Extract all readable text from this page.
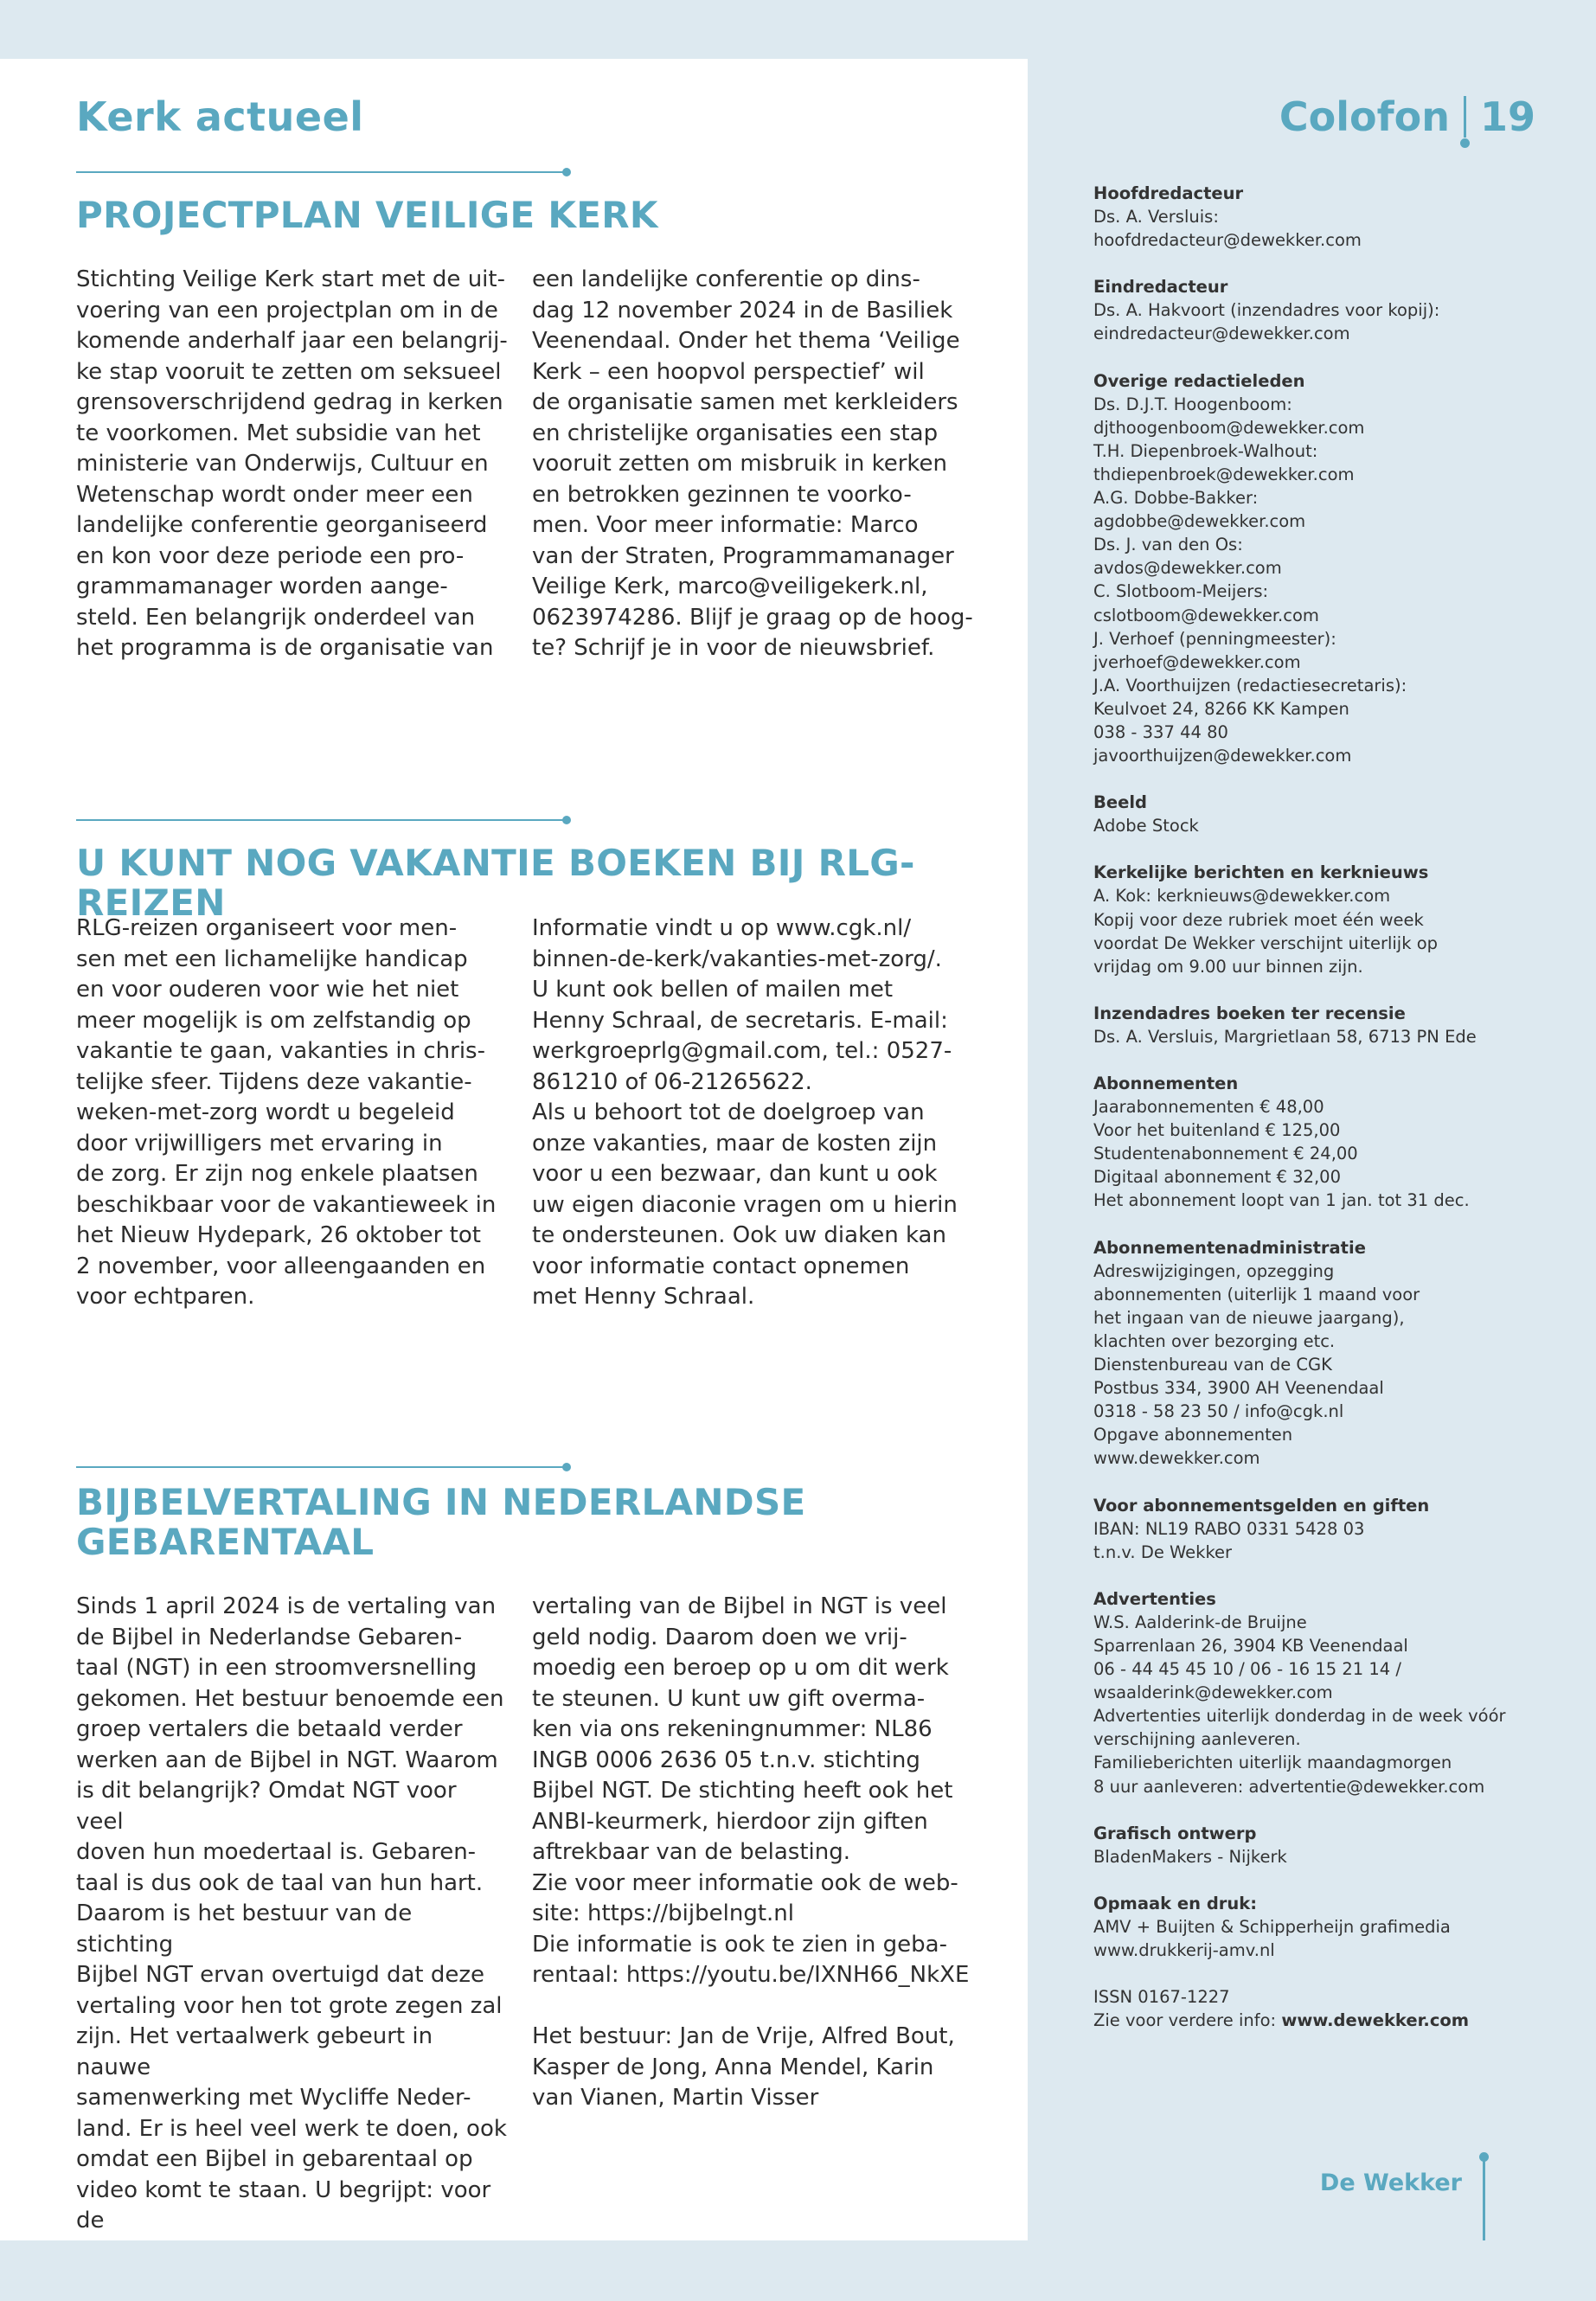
Kerk actueel	Colofon 19
PROJECTPLAN VEILIGE KERK

Stichting Veilige Kerk start met de uit-
voering van een projectplan om in de
komende anderhalf jaar een belangrij-
ke stap vooruit te zetten om seksueel
grensoverschrijdend gedrag in kerken
te voorkomen. Met subsidie van het
ministerie van Onderwijs, Cultuur en
Wetenschap wordt onder meer een
landelijke conferentie georganiseerd
en kon voor deze periode een pro-
grammamanager worden aange-
steld. Een belangrijk onderdeel van
het programma is de organisatie van

een landelijke conferentie op dins-
dag 12 november 2024 in de Basiliek
Veenendaal. Onder het thema ‘Veilige
Kerk – een hoopvol perspectief’ wil
de organisatie samen met kerkleiders
en christelijke organisaties een stap
vooruit zetten om misbruik in kerken
en betrokken gezinnen te voorko-
men. Voor meer informatie: Marco
van der Straten, Programmamanager
Veilige Kerk, marco@veiligekerk.nl,
0623974286. Blijf je graag op de hoog-
te? Schrijf je in voor de nieuwsbrief.

U KUNT NOG VAKANTIE BOEKEN BIJ RLG-REIZEN

RLG-reizen organiseert voor men-
sen met een lichamelijke handicap
en voor ouderen voor wie het niet
meer mogelijk is om zelfstandig op
vakantie te gaan, vakanties in chris-
telijke sfeer. Tijdens deze vakantie-
weken-met-zorg wordt u begeleid
door vrijwilligers met ervaring in
de zorg. Er zijn nog enkele plaatsen
beschikbaar voor de vakantieweek in
het Nieuw Hydepark, 26 oktober tot
2 november, voor alleengaanden en
voor echtparen.

Informatie vindt u op www.cgk.nl/
binnen-de-kerk/vakanties-met-zorg/.
U kunt ook bellen of mailen met
Henny Schraal, de secretaris. E-mail:
werkgroeprlg@gmail.com, tel.: 0527-
861210 of 06-21265622.
Als u behoort tot de doelgroep van
onze vakanties, maar de kosten zijn
voor u een bezwaar, dan kunt u ook
uw eigen diaconie vragen om u hierin
te ondersteunen. Ook uw diaken kan
voor informatie contact opnemen
met Henny Schraal.

BIJBELVERTALING IN NEDERLANDSE
GEBARENTAAL

Sinds 1 april 2024 is de vertaling van
de Bijbel in Nederlandse Gebaren-
taal (NGT) in een stroomversnelling
gekomen. Het bestuur benoemde een
groep vertalers die betaald verder
werken aan de Bijbel in NGT. Waarom
is dit belangrijk? Omdat NGT voor veel
doven hun moedertaal is. Gebaren-
taal is dus ook de taal van hun hart.
Daarom is het bestuur van de stichting
Bijbel NGT ervan overtuigd dat deze
vertaling voor hen tot grote zegen zal
zijn. Het vertaalwerk gebeurt in nauwe
samenwerking met Wycliffe Neder-
land. Er is heel veel werk te doen, ook
omdat een Bijbel in gebarentaal op
video komt te staan. U begrijpt: voor de

vertaling van de Bijbel in NGT is veel
geld nodig. Daarom doen we vrij-
moedig een beroep op u om dit werk
te steunen. U kunt uw gift overma-
ken via ons rekeningnummer: NL86
INGB 0006 2636 05 t.n.v. stichting
Bijbel NGT. De stichting heeft ook het
ANBI-keurmerk, hierdoor zijn giften
aftrekbaar van de belasting.
Zie voor meer informatie ook de web-
site: https://bijbelngt.nl
Die informatie is ook te zien in geba-
rentaal: https://youtu.be/IXNH66_NkXE

Het bestuur: Jan de Vrije, Alfred Bout,
Kasper de Jong, Anna Mendel, Karin
van Vianen, Martin Visser

Hoofdredacteur
Ds. A. Versluis:
hoofdredacteur@dewekker.com
Eindredacteur
Ds. A. Hakvoort (inzendadres voor kopij):
eindredacteur@dewekker.com
Overige redactieleden
Ds. D.J.T. Hoogenboom:
djthoogenboom@dewekker.com
T.H. Diepenbroek-Walhout:
thdiepenbroek@dewekker.com
A.G. Dobbe-Bakker:
agdobbe@dewekker.com
Ds. J. van den Os:
avdos@dewekker.com
C. Slotboom-Meijers:
cslotboom@dewekker.com
J. Verhoef (penningmeester):
jverhoef@dewekker.com
J.A. Voorthuijzen (redactiesecretaris):
Keulvoet 24, 8266 KK Kampen
038 - 337 44 80
javoorthuijzen@dewekker.com
Beeld
Adobe Stock
Kerkelijke berichten en kerknieuws
A. Kok: kerknieuws@dewekker.com
Kopij voor deze rubriek moet één week
voordat De Wekker verschijnt uiterlijk op
vrijdag om 9.00 uur binnen zijn.
Inzendadres boeken ter recensie
Ds. A. Versluis, Margrietlaan 58, 6713 PN Ede
Abonnementen
Jaarabonnementen € 48,00
Voor het buitenland € 125,00
Studentenabonnement € 24,00
Digitaal abonnement € 32,00
Het abonnement loopt van 1 jan. tot 31 dec.
Abonnementenadministratie
Adreswijzigingen, opzegging
abonnementen (uiterlijk 1 maand voor
het ingaan van de nieuwe jaargang),
klachten over bezorging etc.
Dienstenbureau van de CGK
Postbus 334, 3900 AH Veenendaal
0318 - 58 23 50 / info@cgk.nl
Opgave abonnementen
www.dewekker.com
Voor abonnementsgelden en giften
IBAN: NL19 RABO 0331 5428 03
t.n.v. De Wekker
Advertenties
W.S. Aalderink-de Bruijne
Sparrenlaan 26, 3904 KB Veenendaal
06 - 44 45 45 10 / 06 - 16 15 21 14 /
wsaalderink@dewekker.com
Advertenties uiterlijk donderdag in de week vóór
verschijning aanleveren.
Familieberichten uiterlijk maandagmorgen
8 uur aanleveren: advertentie@dewekker.com
Grafisch ontwerp
BladenMakers - Nijkerk
Opmaak en druk:
AMV + Buijten & Schipperheijn grafimedia
www.drukkerij-amv.nl
ISSN 0167-1227
Zie voor verdere info: www.dewekker.com
De Wekker
